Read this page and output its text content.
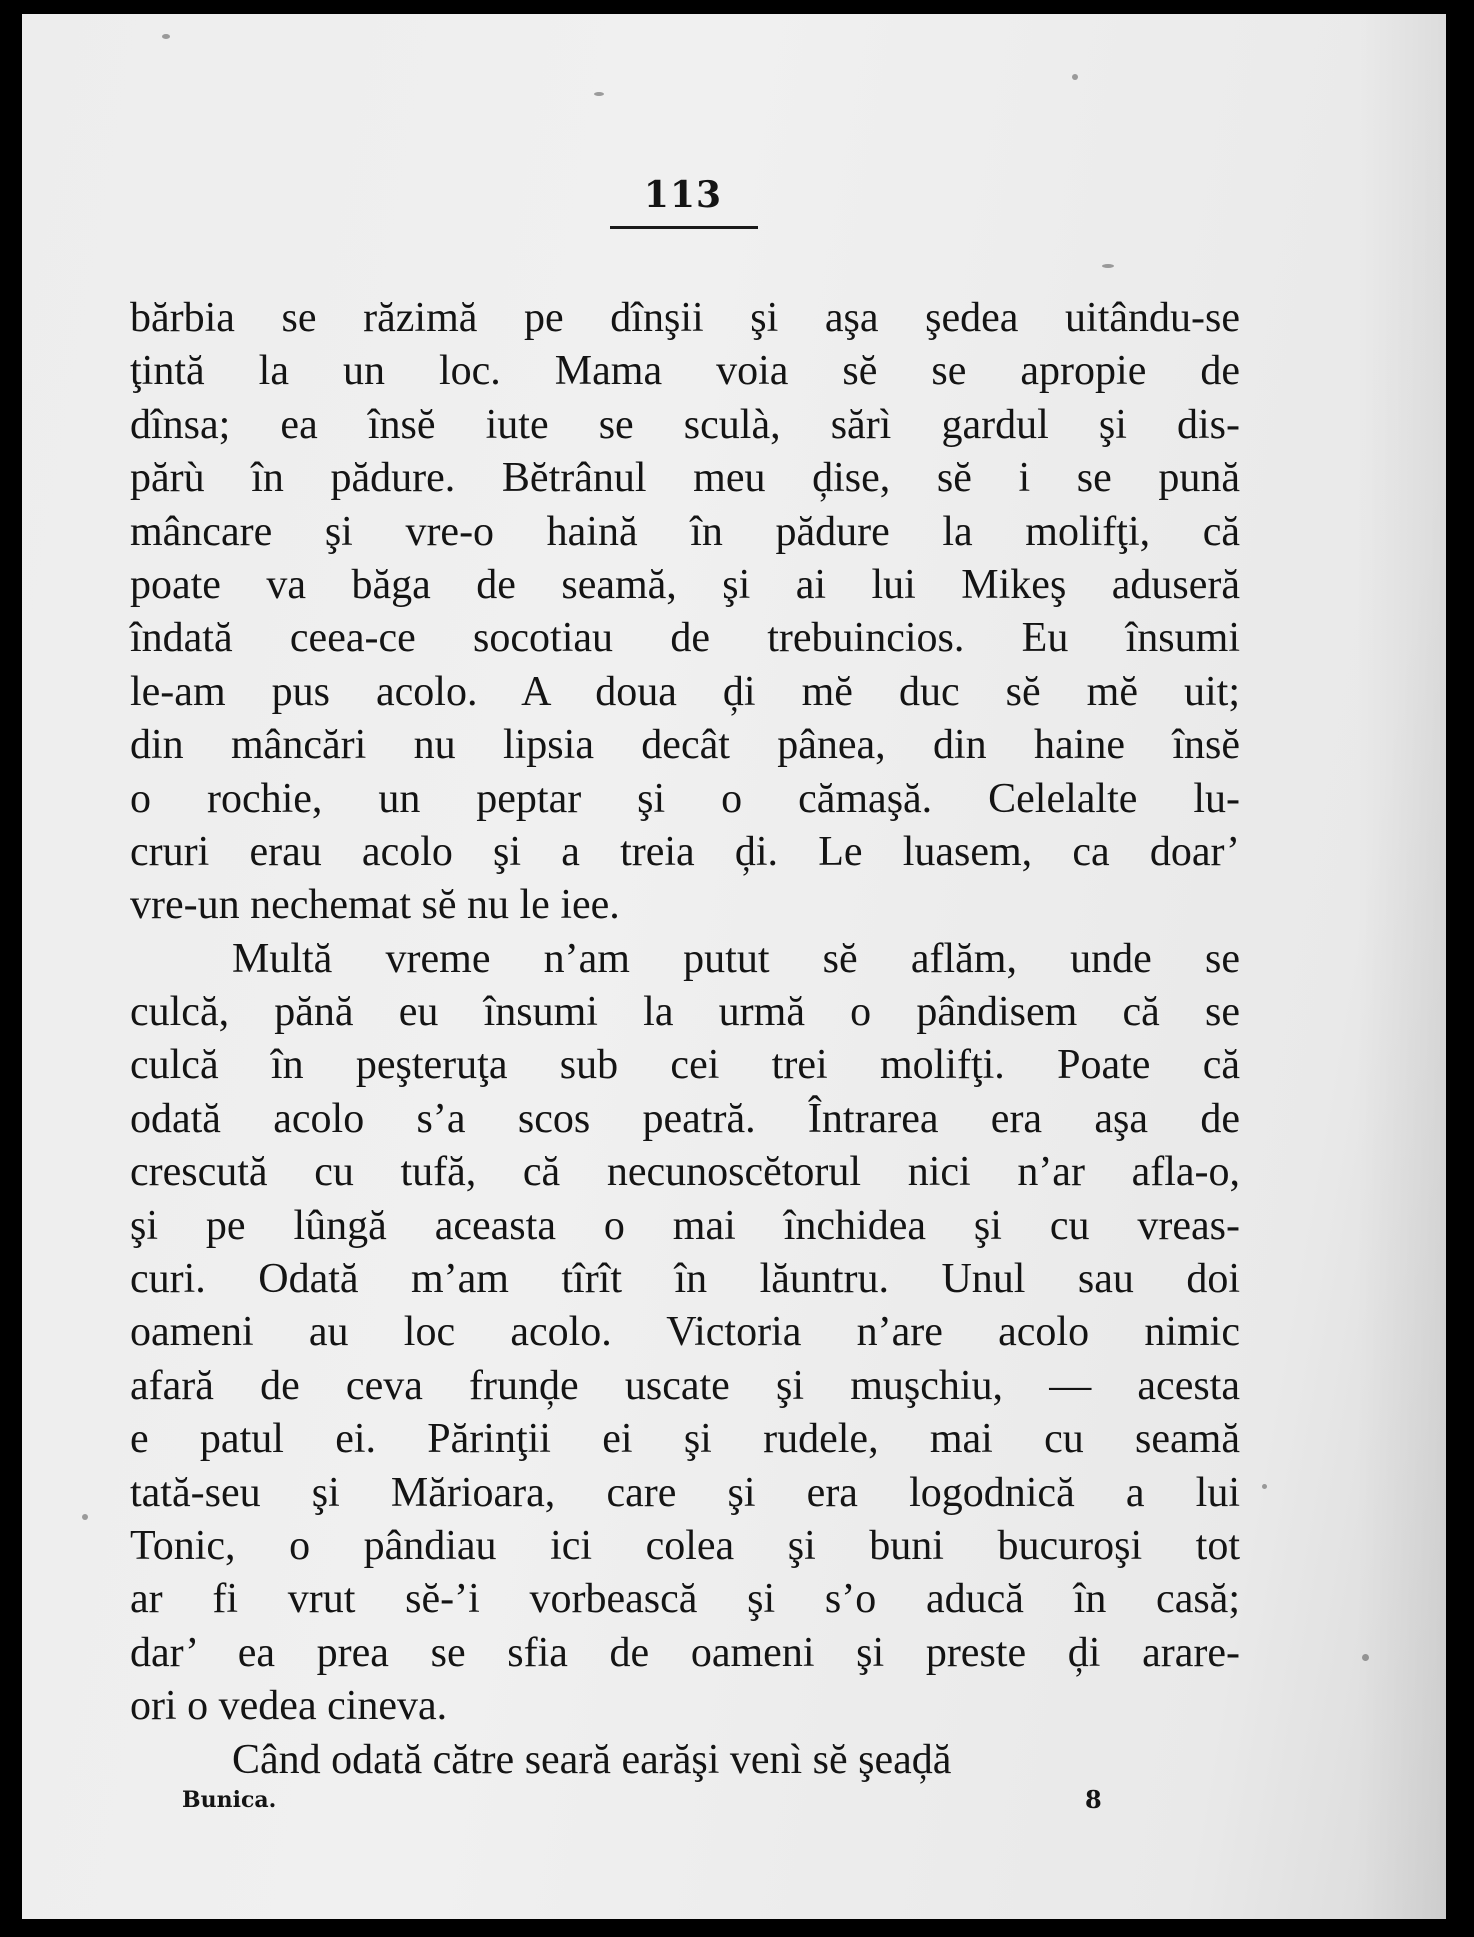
113
bărbia se răzimă pe dînşii şi aşa şedea uitându-se
ţintă la un loc. Mama voia sĕ se apropie de
dînsa; ea însĕ iute se sculà, sărì gardul şi dis-
părù în pădure. Bĕtrânul meu ḑise, sĕ i se pună
mâncare şi vre-o haină în pădure la molifţi, că
poate va băga de seamă, şi ai lui Mikeş aduseră
îndată ceea-ce socotiau de trebuincios. Eu însumi
le-am pus acolo. A doua ḑi mĕ duc sĕ mĕ uit;
din mâncări nu lipsia decât pânea, din haine însĕ
o rochie, un peptar şi o cămaşă. Celelalte lu-
cruri erau acolo şi a treia ḑi. Le luasem, ca doar’
vre-un nechemat sĕ nu le iee.
Multă vreme n’am putut sĕ aflăm, unde se
culcă, pănă eu însumi la urmă o pândisem că se
culcă în peşteruţa sub cei trei molifţi. Poate că
odată acolo s’a scos peatră. Întrarea era aşa de
crescută cu tufă, că necunoscĕtorul nici n’ar afla-o,
şi pe lûngă aceasta o mai închidea şi cu vreas-
curi. Odată m’am tîrît în lăuntru. Unul sau doi
oameni au loc acolo. Victoria n’are acolo nimic
afară de ceva frunḑe uscate şi muşchiu, — acesta
e patul ei. Părinţii ei şi rudele, mai cu seamă
tată-seu şi Mărioara, care şi era logodnică a lui
Tonic, o pândiau ici colea şi buni bucuroşi tot
ar fi vrut sĕ-’i vorbească şi s’o aducă în casă;
dar’ ea prea se sfia de oameni şi preste ḑi arare-
ori o vedea cineva.
Când odată către seară earăşi venì sĕ şeaḑă
Bunica.	8
